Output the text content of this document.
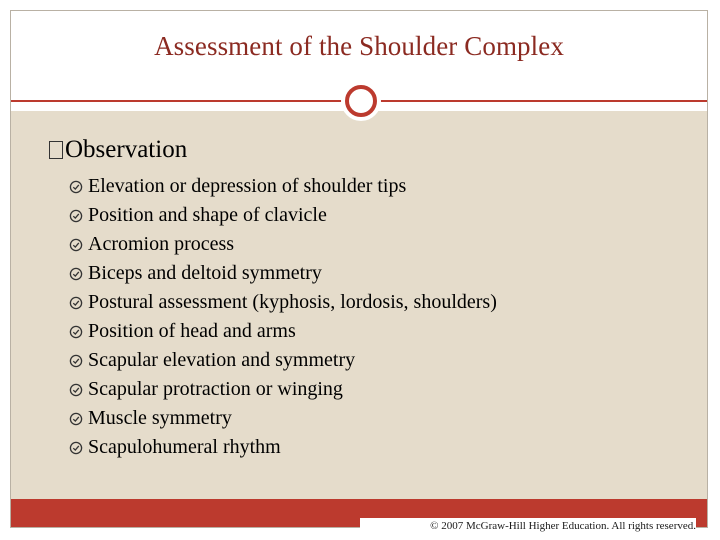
Assessment of the Shoulder Complex
Observation
Elevation or depression of shoulder tips
Position and shape of clavicle
Acromion process
Biceps and deltoid symmetry
Postural assessment (kyphosis, lordosis, shoulders)
Position of head and arms
Scapular elevation and symmetry
Scapular protraction or winging
Muscle symmetry
Scapulohumeral rhythm
© 2007 McGraw-Hill Higher Education. All rights reserved.
